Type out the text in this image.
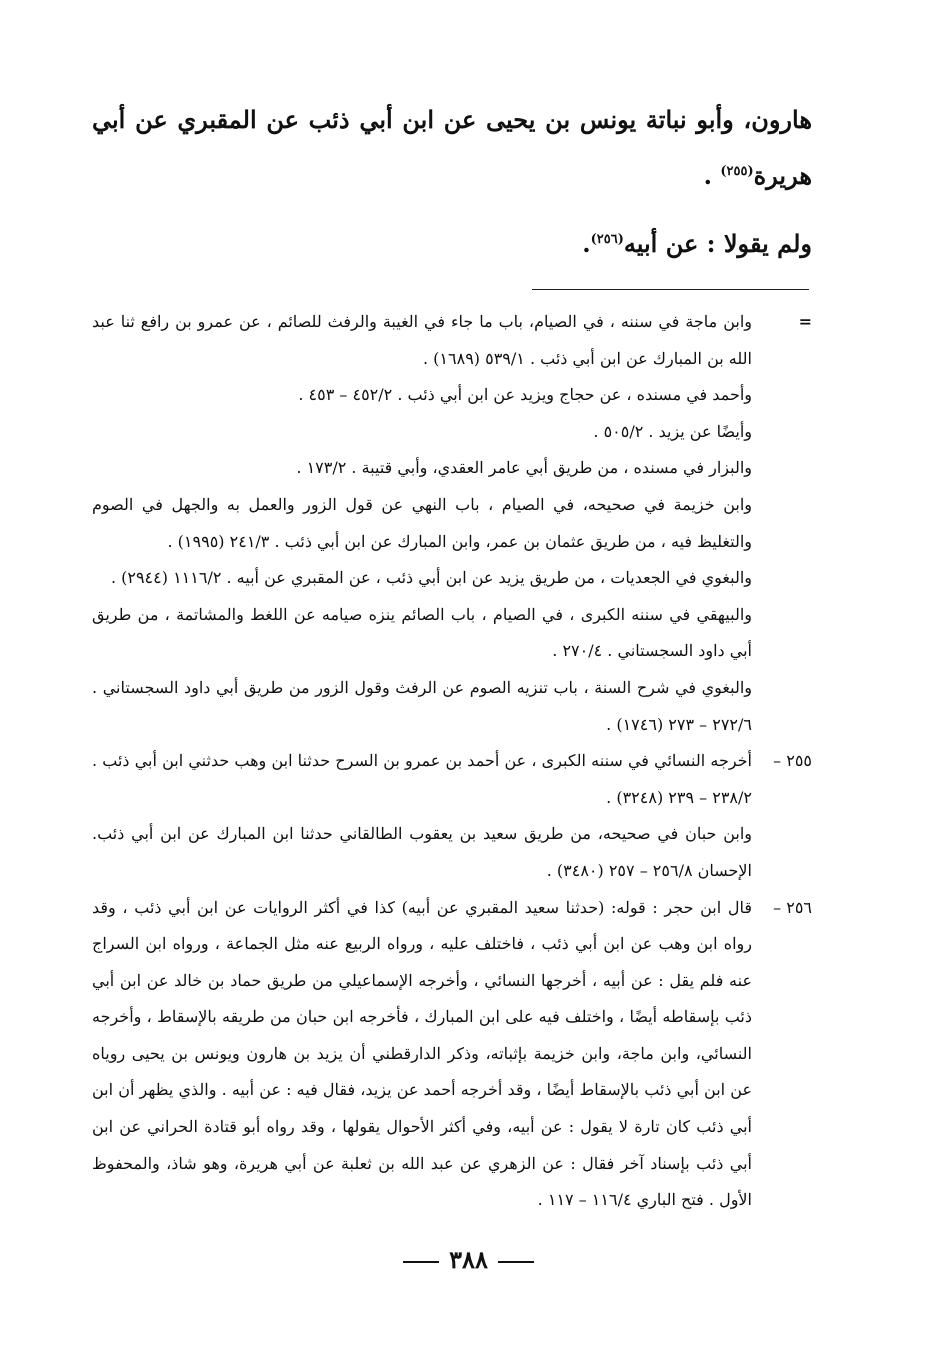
هارون، وأبو نباتة يونس بن يحيى عن ابن أبي ذئب عن المقبري عن أبي هريرة$^{(٢٥٥)}$ .

ولم يقولا : عن أبيه$^{(٢٥٦)}$.

=
وابن ماجة في سننه ، في الصيام، باب ما جاء في الغيبة والرفث للصائم ، عن عمرو بن رافع ثنا عبد الله بن المبارك عن ابن أبي ذئب . ٥٣٩/١ (١٦٨٩) .

وأحمد في مسنده ، عن حجاج ويزيد عن ابن أبي ذئب . ٤٥٢/٢ – ٤٥٣ .

وأيضًا عن يزيد . ٥٠٥/٢ .

والبزار في مسنده ، من طريق أبي عامر العقدي، وأبي قتيبة . ١٧٣/٢ .

وابن خزيمة في صحيحه، في الصيام ، باب النهي عن قول الزور والعمل به والجهل في الصوم والتغليظ فيه ، من طريق عثمان بن عمر، وابن المبارك عن ابن أبي ذئب . ٢٤١/٣ (١٩٩٥) .

والبغوي في الجعديات ، من طريق يزيد عن ابن أبي ذئب ، عن المقبري عن أبيه . ١١١٦/٢ (٢٩٤٤) .

والبيهقي في سننه الكبرى ، في الصيام ، باب الصائم ينزه صيامه عن اللغط والمشاتمة ، من طريق أبي داود السجستاني . ٢٧٠/٤ .

والبغوي في شرح السنة ، باب تنزيه الصوم عن الرفث وقول الزور من طريق أبي داود السجستاني . ٢٧٢/٦ – ٢٧٣ (١٧٤٦) .

٢٥٥ –
أخرجه النسائي في سننه الكبرى ، عن أحمد بن عمرو بن السرح حدثنا ابن وهب حدثني ابن أبي ذئب . ٢٣٨/٢ – ٢٣٩ (٣٢٤٨) .

وابن حبان في صحيحه، من طريق سعيد بن يعقوب الطالقاني حدثنا ابن المبارك عن ابن أبي ذئب. الإحسان ٢٥٦/٨ – ٢٥٧ (٣٤٨٠) .

٢٥٦ –
قال ابن حجر : قوله: (حدثنا سعيد المقبري عن أبيه) كذا في أكثر الروايات عن ابن أبي ذئب ، وقد رواه ابن وهب عن ابن أبي ذئب ، فاختلف عليه ، ورواه الربيع عنه مثل الجماعة ، ورواه ابن السراج عنه فلم يقل : عن أبيه ، أخرجها النسائي ، وأخرجه الإسماعيلي من طريق حماد بن خالد عن ابن أبي ذئب بإسقاطه أيضًا ، واختلف فيه على ابن المبارك ، فأخرجه ابن حبان من طريقه بالإسقاط ، وأخرجه النسائي، وابن ماجة، وابن خزيمة بإثباته، وذكر الدارقطني أن يزيد بن هارون ويونس بن يحيى روياه عن ابن أبي ذئب بالإسقاط أيضًا ، وقد أخرجه أحمد عن يزيد، فقال فيه : عن أبيه . والذي يظهر أن ابن أبي ذئب كان تارة لا يقول : عن أبيه، وفي أكثر الأحوال يقولها ، وقد رواه أبو قتادة الحراني عن ابن أبي ذئب بإسناد آخر فقال : عن الزهري عن عبد الله بن ثعلبة عن أبي هريرة، وهو شاذ، والمحفوظ الأول . فتح الباري ١١٦/٤ – ١١٧ .

٣٨٨
